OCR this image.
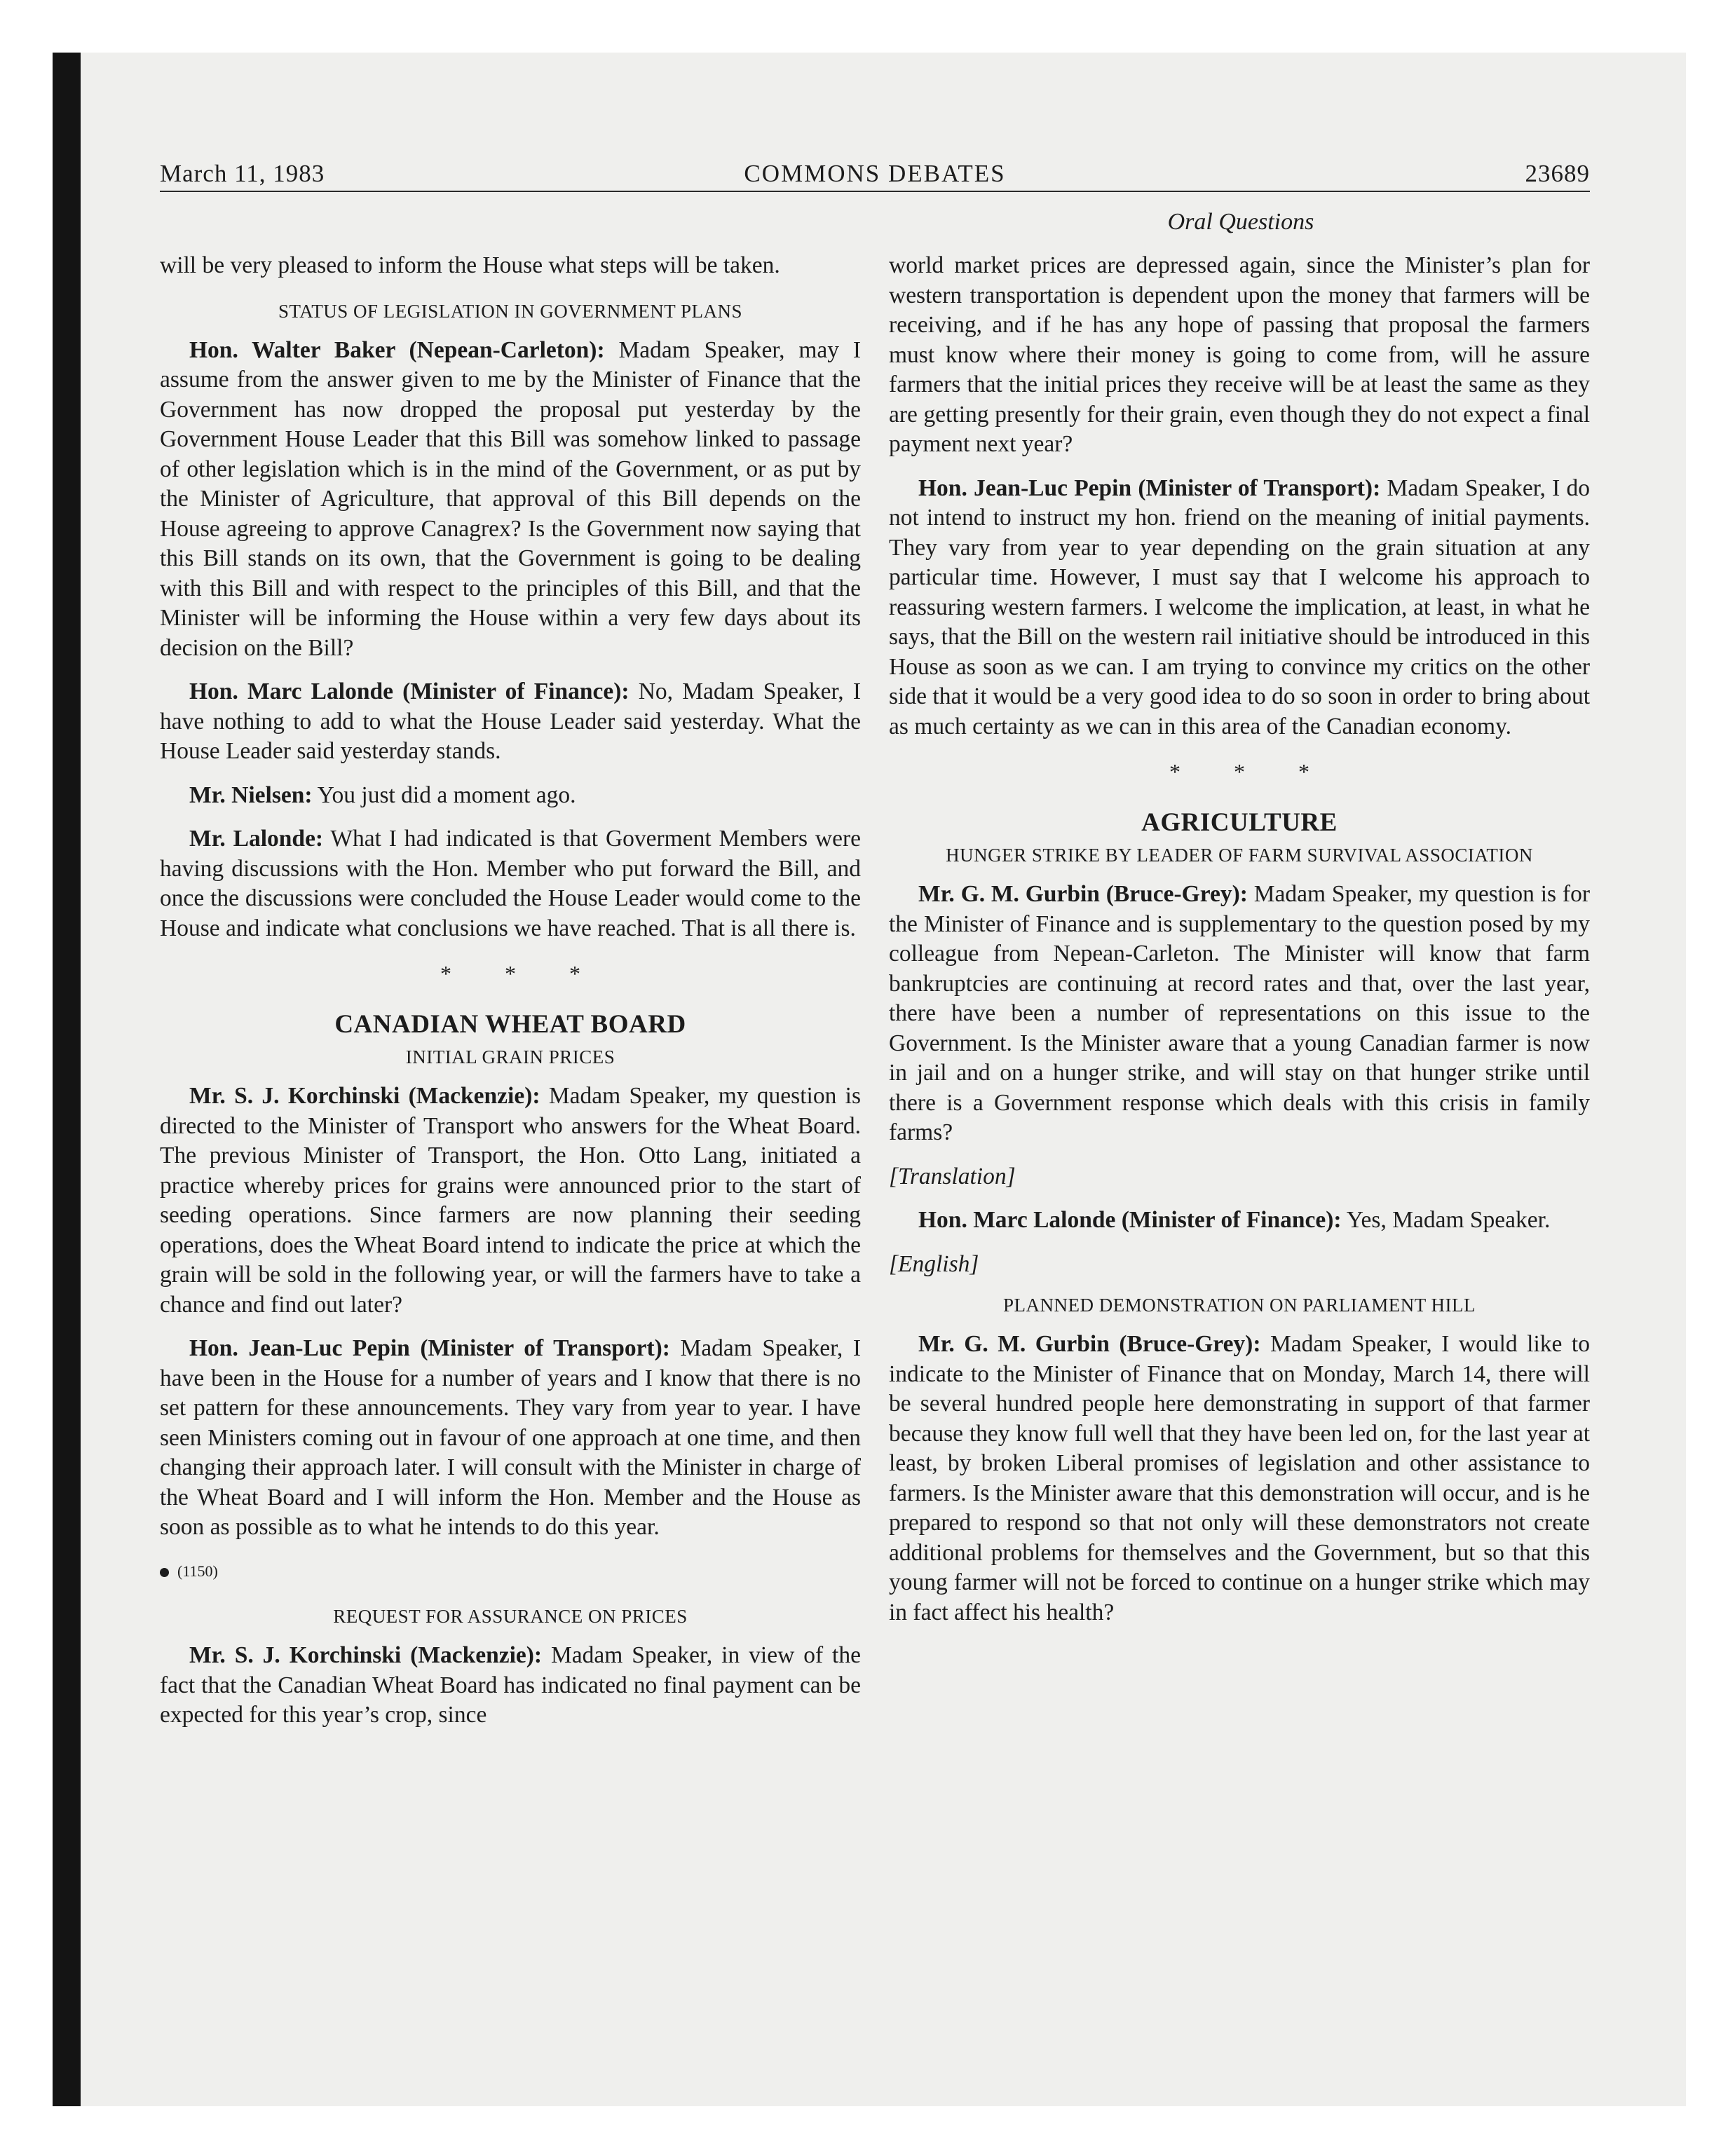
March 11, 1983	COMMONS DEBATES	23689
Oral Questions

will be very pleased to inform the House what steps will be taken.

STATUS OF LEGISLATION IN GOVERNMENT PLANS

Hon. Walter Baker (Nepean-Carleton): Madam Speaker, may I assume from the answer given to me by the Minister of Finance that the Government has now dropped the proposal put yesterday by the Government House Leader that this Bill was somehow linked to passage of other legislation which is in the mind of the Government, or as put by the Minister of Agriculture, that approval of this Bill depends on the House agreeing to approve Canagrex? Is the Government now saying that this Bill stands on its own, that the Government is going to be dealing with this Bill and with respect to the principles of this Bill, and that the Minister will be informing the House within a very few days about its decision on the Bill?

Hon. Marc Lalonde (Minister of Finance): No, Madam Speaker, I have nothing to add to what the House Leader said yesterday. What the House Leader said yesterday stands.

Mr. Nielsen: You just did a moment ago.

Mr. Lalonde: What I had indicated is that Goverment Members were having discussions with the Hon. Member who put forward the Bill, and once the discussions were concluded the House Leader would come to the House and indicate what conclusions we have reached. That is all there is.

* * *
CANADIAN WHEAT BOARD
INITIAL GRAIN PRICES

Mr. S. J. Korchinski (Mackenzie): Madam Speaker, my question is directed to the Minister of Transport who answers for the Wheat Board. The previous Minister of Transport, the Hon. Otto Lang, initiated a practice whereby prices for grains were announced prior to the start of seeding operations. Since farmers are now planning their seeding operations, does the Wheat Board intend to indicate the price at which the grain will be sold in the following year, or will the farmers have to take a chance and find out later?

Hon. Jean-Luc Pepin (Minister of Transport): Madam Speaker, I have been in the House for a number of years and I know that there is no set pattern for these announcements. They vary from year to year. I have seen Ministers coming out in favour of one approach at one time, and then changing their approach later. I will consult with the Minister in charge of the Wheat Board and I will inform the Hon. Member and the House as soon as possible as to what he intends to do this year.

(1150)
REQUEST FOR ASSURANCE ON PRICES

Mr. S. J. Korchinski (Mackenzie): Madam Speaker, in view of the fact that the Canadian Wheat Board has indicated no final payment can be expected for this year’s crop, since

world market prices are depressed again, since the Minister’s plan for western transportation is dependent upon the money that farmers will be receiving, and if he has any hope of passing that proposal the farmers must know where their money is going to come from, will he assure farmers that the initial prices they receive will be at least the same as they are getting presently for their grain, even though they do not expect a final payment next year?

Hon. Jean-Luc Pepin (Minister of Transport): Madam Speaker, I do not intend to instruct my hon. friend on the meaning of initial payments. They vary from year to year depending on the grain situation at any particular time. However, I must say that I welcome his approach to reassuring western farmers. I welcome the implication, at least, in what he says, that the Bill on the western rail initiative should be introduced in this House as soon as we can. I am trying to convince my critics on the other side that it would be a very good idea to do so soon in order to bring about as much certainty as we can in this area of the Canadian economy.

* * *
AGRICULTURE
HUNGER STRIKE BY LEADER OF FARM SURVIVAL ASSOCIATION

Mr. G. M. Gurbin (Bruce-Grey): Madam Speaker, my question is for the Minister of Finance and is supplementary to the question posed by my colleague from Nepean-Carleton. The Minister will know that farm bankruptcies are continuing at record rates and that, over the last year, there have been a number of representations on this issue to the Government. Is the Minister aware that a young Canadian farmer is now in jail and on a hunger strike, and will stay on that hunger strike until there is a Government response which deals with this crisis in family farms?

[Translation]

Hon. Marc Lalonde (Minister of Finance): Yes, Madam Speaker.

[English]
PLANNED DEMONSTRATION ON PARLIAMENT HILL

Mr. G. M. Gurbin (Bruce-Grey): Madam Speaker, I would like to indicate to the Minister of Finance that on Monday, March 14, there will be several hundred people here demonstrating in support of that farmer because they know full well that they have been led on, for the last year at least, by broken Liberal promises of legislation and other assistance to farmers. Is the Minister aware that this demonstration will occur, and is he prepared to respond so that not only will these demonstrators not create additional problems for themselves and the Government, but so that this young farmer will not be forced to continue on a hunger strike which may in fact affect his health?
